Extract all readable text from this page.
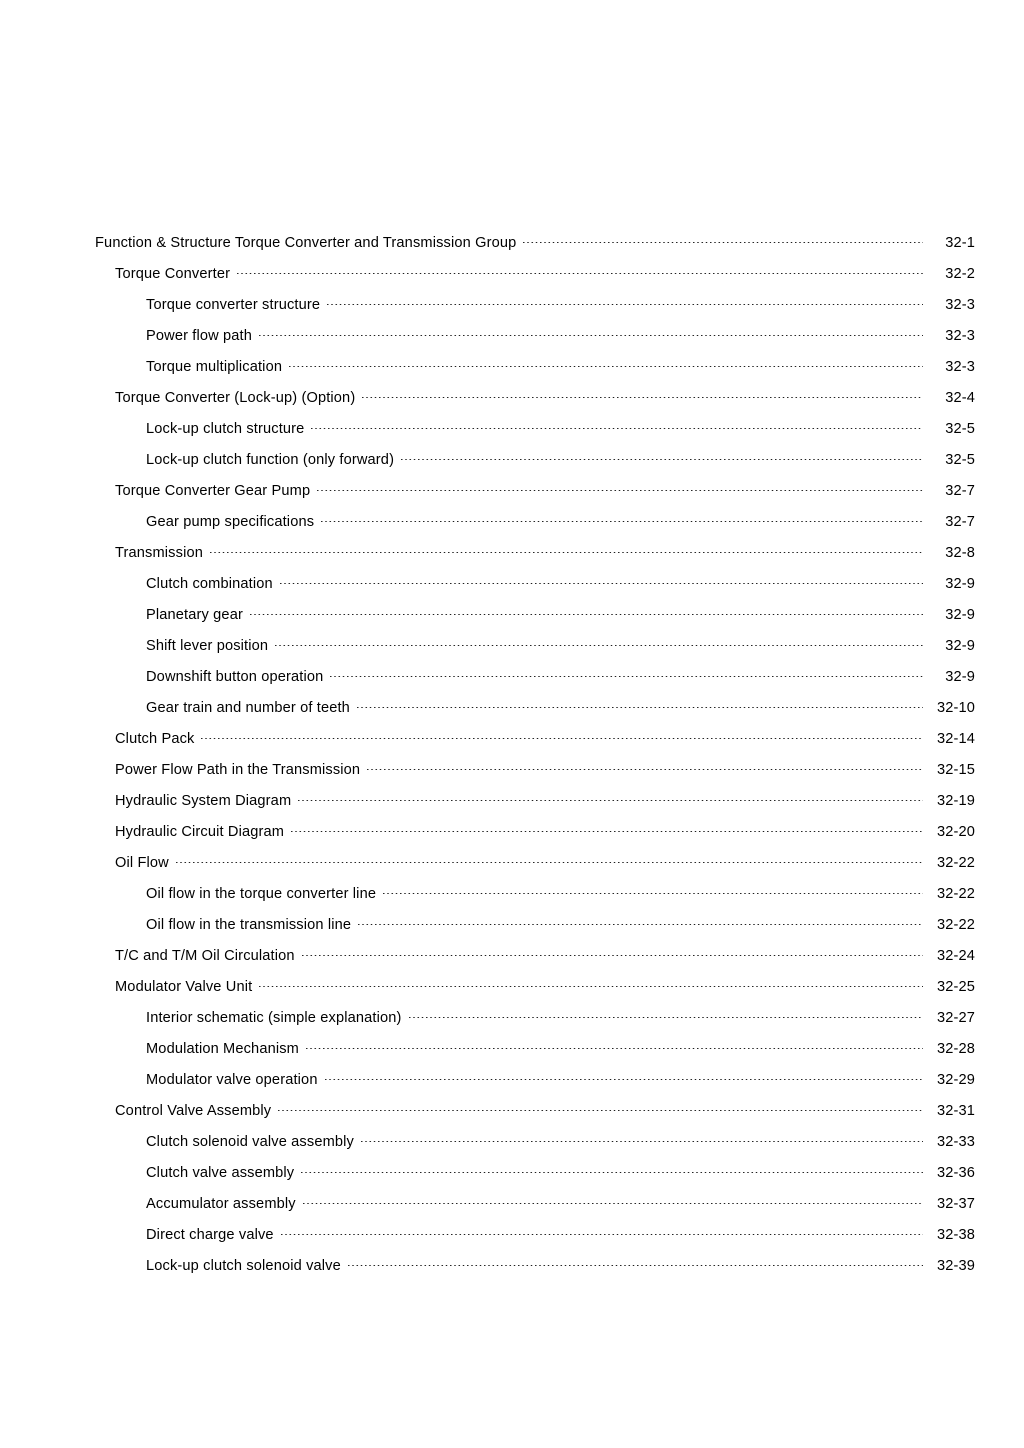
Function & Structure Torque Converter and Transmission Group	32-1
Torque Converter	32-2
Torque converter structure	32-3
Power flow path	32-3
Torque multiplication	32-3
Torque Converter (Lock-up) (Option)	32-4
Lock-up clutch structure	32-5
Lock-up clutch function (only forward)	32-5
Torque Converter Gear Pump	32-7
Gear pump specifications	32-7
Transmission	32-8
Clutch combination	32-9
Planetary gear	32-9
Shift lever position	32-9
Downshift button operation	32-9
Gear train and number of teeth	32-10
Clutch Pack	32-14
Power Flow Path in the Transmission	32-15
Hydraulic System Diagram	32-19
Hydraulic Circuit Diagram	32-20
Oil Flow	32-22
Oil flow in the torque converter line	32-22
Oil flow in the transmission line	32-22
T/C and T/M Oil Circulation	32-24
Modulator Valve Unit	32-25
Interior schematic (simple explanation)	32-27
Modulation Mechanism	32-28
Modulator valve operation	32-29
Control Valve Assembly	32-31
Clutch solenoid valve assembly	32-33
Clutch valve assembly	32-36
Accumulator assembly	32-37
Direct charge valve	32-38
Lock-up clutch solenoid valve	32-39
